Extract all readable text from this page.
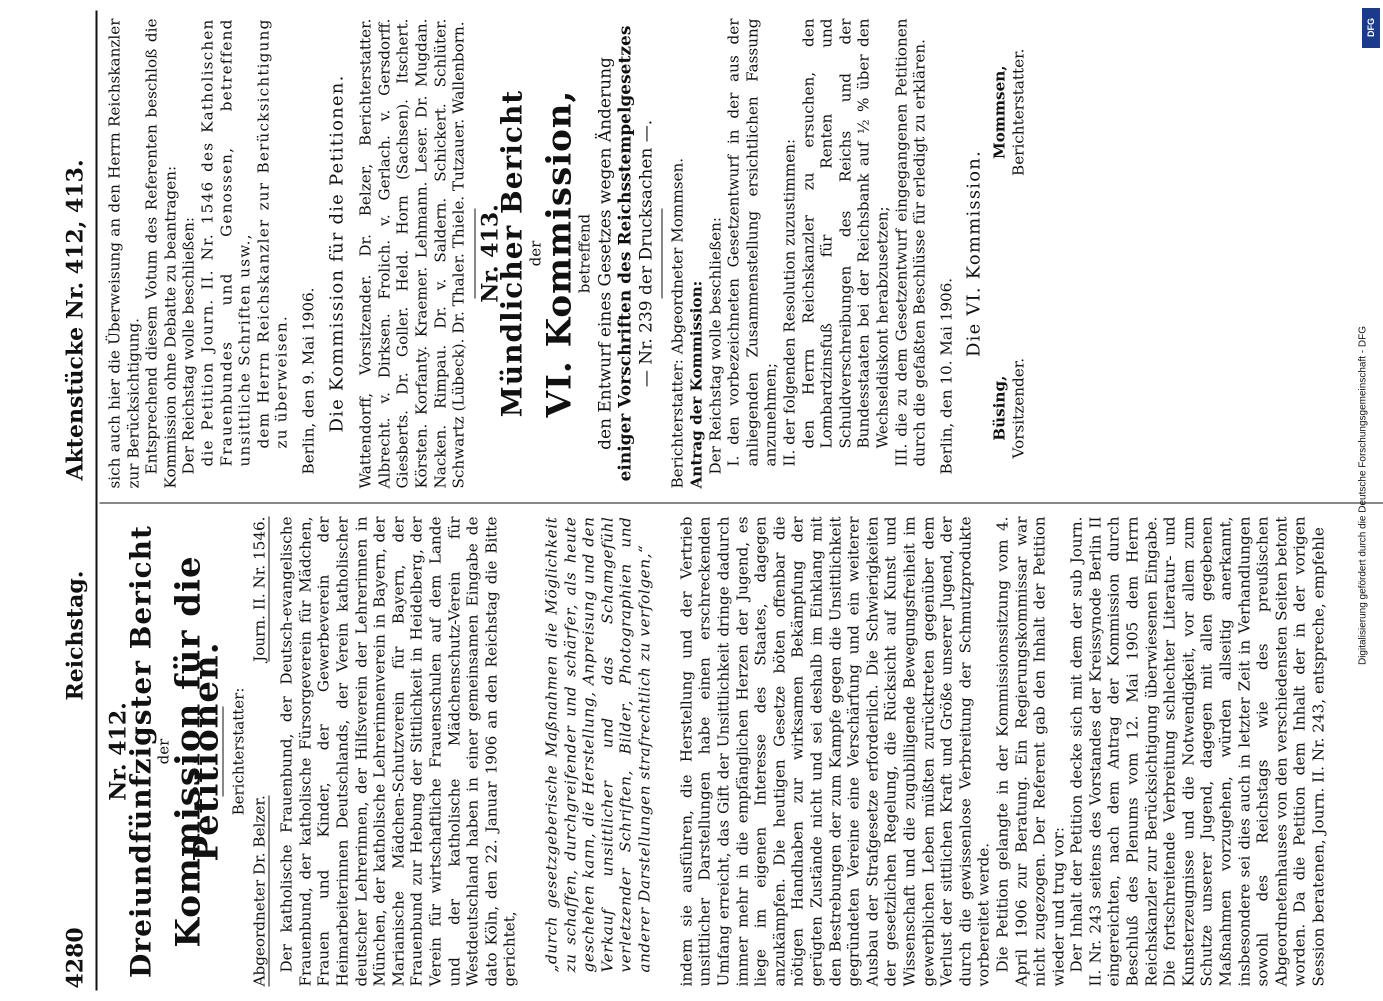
4280
Reichstag.
Aktenstücke Nr. 412, 413.
Nr. 412.
Dreiundfünfzigster Bericht
der
Kommission für die Petitionen. Berichterstatter:
Abgeordneter Dr. Belzer.
Journ. II. Nr. 1546. Der katholische Frauenbund, der Deutsch-evangelische Frauenbund, der katholische Fürsorgeverein für Mädchen, Frauen und Kinder, der Gewerbeverein der Heimarbeiterinnen Deutschlands, der Verein katholischer deutscher Lehrerinnen, der Hilfsverein der Lehrerinnen in München, der katholische Lehrerinnenverein in Bayern, der Marianische Mädchen-Schutzverein für Bayern, der Frauenbund zur Hebung der Sittlichkeit in Heidelberg, der Verein für wirtschaftliche Frauenschulen auf dem Lande und der katholische Mädchenschutz-Verein für Westdeutschland haben in einer gemeinsamen Eingabe de dato Köln, den 22. Januar 1906 an den Reichstag die Bitte gerichtet, „durch gesetzgeberische Maßnahmen die Möglichkeit zu schaffen, durchgreifender und schärfer, als heute geschehen kann, die Herstellung, Anpreisung und den Verkauf unsittlicher und das Schamgefühl verletzender Schriften, Bilder, Photographien und anderer Darstellungen strafrechtlich zu verfolgen,“ indem sie ausführen, die Herstellung und der Vertrieb unsittlicher Darstellungen habe einen erschreckenden Umfang erreicht, das Gift der Unsittlichkeit dringe dadurch immer mehr in die empfänglichen Herzen der Jugend, es liege im eigenen Interesse des Staates, dagegen anzukämpfen. Die heutigen Gesetze böten offenbar die nötigen Handhaben zur wirksamen Bekämpfung der gerügten Zustände nicht und sei deshalb im Einklang mit den Bestrebungen der zum Kampfe gegen die Unsittlichkeit gegründeten Vereine eine Verschärfung und ein weiterer Ausbau der Strafgesetze erforderlich. Die Schwierigkeiten der gesetzlichen Regelung, die Rücksicht auf Kunst und Wissenschaft und die zugubilligende Bewegungsfreiheit im gewerblichen Leben müßten zurücktreten gegenüber dem Verlust der sittlichen Kraft und Größe unserer Jugend, der durch die gewissenlose Verbreitung der Schmutzprodukte vorbereitet werde. Die Petition gelangte in der Kommissionssitzung vom 4. April 1906 zur Beratung. Ein Regierungskommissar war nicht zugezogen. Der Referent gab den Inhalt der Petition wieder und trug vor: Der Inhalt der Petition decke sich mit dem der sub Journ. II. Nr. 243 seitens des Vorstandes der Kreissynode Berlin II eingereichten, nach dem Antrag der Kommission durch Beschluß des Plenums vom 12. Mai 1905 dem Herrn Reichskanzler zur Berücksichtigung überwiesenen Eingabe. Die fortschreitende Verbreitung schlechter Literatur- und Kunsterzeugnisse und die Notwendigkeit, vor allem zum Schutze unserer Jugend, dagegen mit allen gegebenen Maßnahmen vorzugehen, würden allseitig anerkannt, insbesondere sei dies auch in letzter Zeit in Verhandlungen sowohl des Reichstags wie des preußischen Abgeordnetenhauses von den verschiedensten Seiten betont worden. Da die Petition dem Inhalt der in der vorigen Session beratenen, Journ. II. Nr. 243, entspreche, empfehle

sich auch hier die Überweisung an den Herrn Reichskanzler zur Berücksichtigung. Entsprechend diesem Votum des Referenten beschloß die Kommission ohne Debatte zu beantragen: Der Reichstag wolle beschließen: die Petition Journ. II. Nr. 1546 des Katholischen Frauenbundes und Genossen, betreffend unsittliche Schriften usw., dem Herrn Reichskanzler zur Berücksichtigung zu überweisen. Berlin, den 9. Mai 1906. Die Kommission für die Petitionen. Wattendorff, Vorsitzender. Dr. Belzer, Berichterstatter. Albrecht. v. Dirksen. Frolich. v. Gerlach. v. Gersdorff. Giesberts. Dr. Goller. Held. Horn (Sachsen). Itschert. Körsten. Korfanty. Kraemer. Lehmann. Leser. Dr. Mugdan. Nacken. Rimpau. Dr. v. Saldern. Schickert. Schlüter. Schwartz (Lübeck). Dr. Thaler. Thiele. Tutzauer. Wallenborn. Nr. 413.
Mündlicher Bericht
der
VI. Kommission,
betreffend den Entwurf eines Gesetzes wegen Änderung einiger Vorschriften des Reichsstempelgesetzes — Nr. 239 der Drucksachen —. Berichterstatter: Abgeordneter Mommsen. Antrag der Kommission: Der Reichstag wolle beschließen: I. den vorbezeichneten Gesetzentwurf in der aus der anliegenden Zusammenstellung ersichtlichen Fassung anzunehmen; II. der folgenden Resolution zuzustimmen: den Herrn Reichskanzler zu ersuchen, den Lombardzinsfuß für Renten und Schuldverschreibungen des Reichs und der Bundesstaaten bei der Reichsbank auf ½ % über den Wechseldiskont herabzusetzen; III. die zu dem Gesetzentwurf eingegangenen Petitionen durch die gefaßten Beschlüsse für erledigt zu erklären. Berlin, den 10. Mai 1906.

Die VI. Kommission.
Büsing, Vorsitzender.
Mommsen, Berichterstatter.
Digitalisierung gefördert durch die Deutsche Forschungsgemeinschaft - DFG
DFG
